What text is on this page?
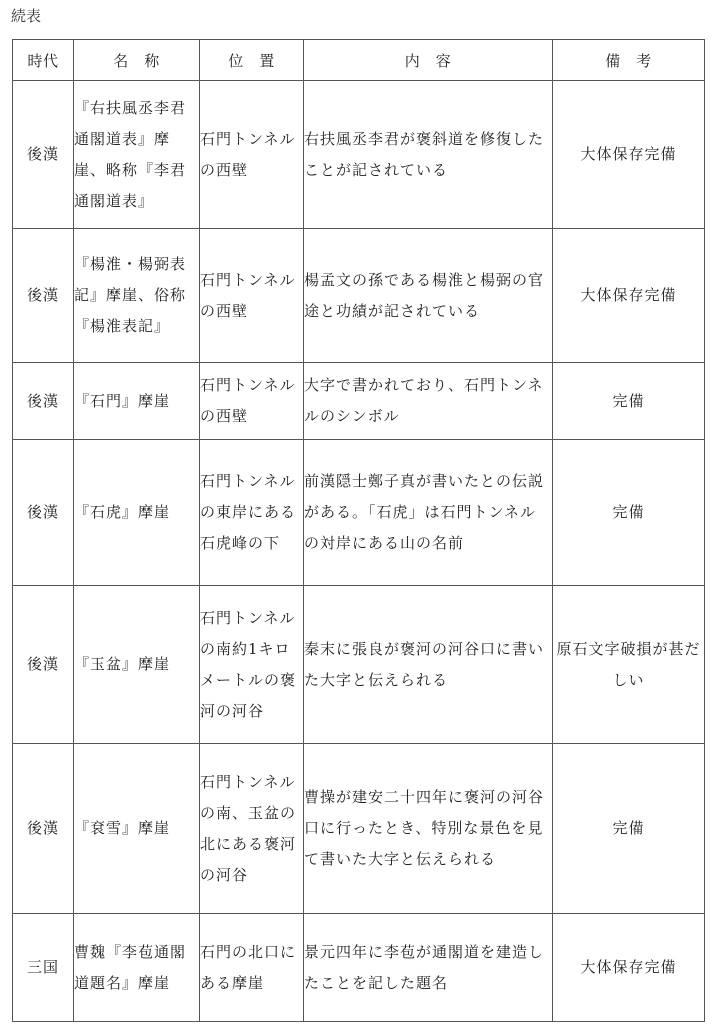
続表
時代	名　称	位　置	内　容	備　考
後漢	『右扶風丞李君通閣道表』摩崖、略称『李君通閣道表』	石門トンネルの西壁	右扶風丞李君が褒斜道を修復したことが記されている	大体保存完備
後漢	『楊淮・楊弼表記』摩崖、俗称『楊淮表記』	石門トンネルの西壁	楊孟文の孫である楊淮と楊弼の官途と功績が記されている	大体保存完備
後漢	『石門』摩崖	石門トンネルの西壁	大字で書かれており、石門トンネルのシンボル	完備
後漢	『石虎』摩崖	石門トンネルの東岸にある石虎峰の下	前漢隠士鄭子真が書いたとの伝説がある。「石虎」は石門トンネルの対岸にある山の名前	完備
後漢	『玉盆』摩崖	石門トンネルの南約1キロメートルの褒河の河谷	秦末に張良が褒河の河谷口に書いた大字と伝えられる	原石文字破損が甚だしい
後漢	『袞雪』摩崖	石門トンネルの南、玉盆の北にある褒河の河谷	曹操が建安二十四年に褒河の河谷口に行ったとき、特別な景色を見て書いた大字と伝えられる	完備
三国	曹魏『李苞通閣道題名』摩崖	石門の北口にある摩崖	景元四年に李苞が通閣道を建造したことを記した題名	大体保存完備
